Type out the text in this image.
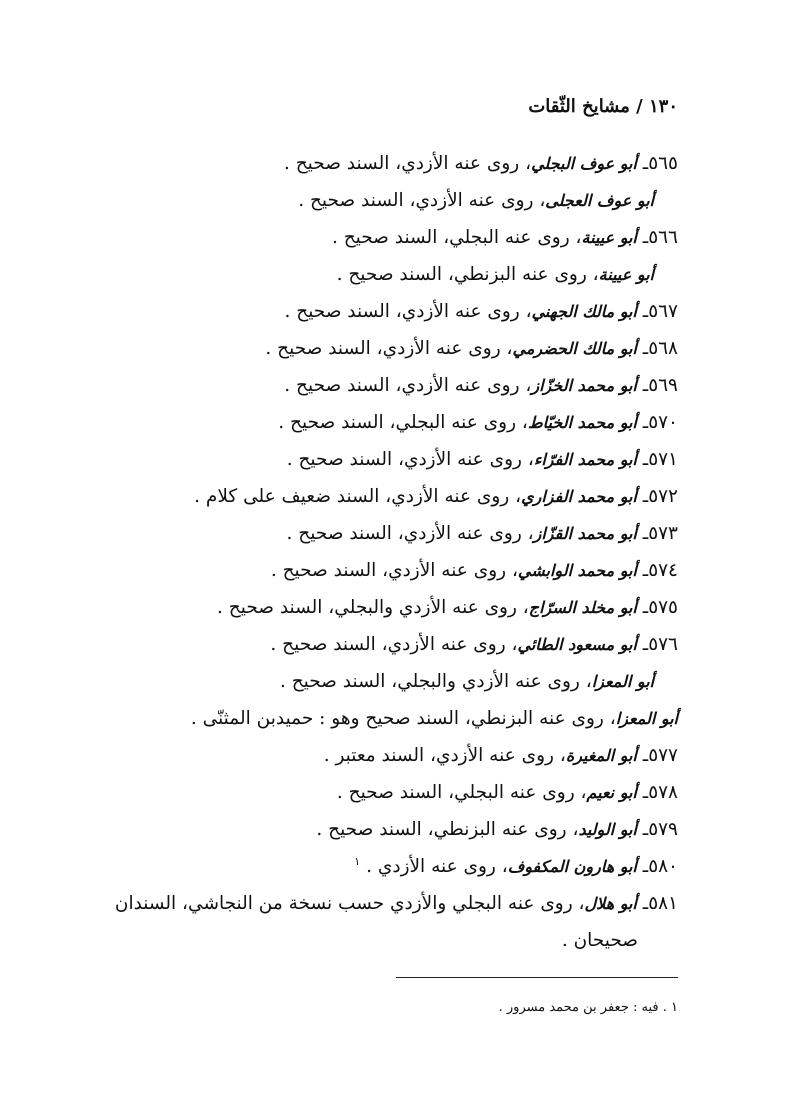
١٣٠ / مشايخ الثّقات
٥٦٥ـ أبو عوف البجلي، روى عنه الأزدي، السند صحيح .
أبو عوف العجلى، روى عنه الأزدي، السند صحيح .
٥٦٦ـ أبو عيينة، روى عنه البجلي، السند صحيح .
أبو عيينة، روى عنه البزنطي، السند صحيح .
٥٦٧ـ أبو مالك الجهني، روى عنه الأزدي، السند صحيح .
٥٦٨ـ أبو مالك الحضرمي، روى عنه الأزدي، السند صحيح .
٥٦٩ـ أبو محمد الخزّاز، روى عنه الأزدي، السند صحيح .
٥٧٠ـ أبو محمد الخيّاط، روى عنه البجلي، السند صحيح .
٥٧١ـ أبو محمد الفرّاء، روى عنه الأزدي، السند صحيح .
٥٧٢ـ أبو محمد الفزاري، روى عنه الأزدي، السند ضعيف على كلام .
٥٧٣ـ أبو محمد القزّاز، روى عنه الأزدي، السند صحيح .
٥٧٤ـ أبو محمد الوابشي، روى عنه الأزدي، السند صحيح .
٥٧٥ـ أبو مخلد السرّاج، روى عنه الأزدي والبجلي، السند صحيح .
٥٧٦ـ أبو مسعود الطائي، روى عنه الأزدي، السند صحيح .
أبو المعزا، روى عنه الأزدي والبجلي، السند صحيح .
أبو المعزا، روى عنه البزنطي، السند صحيح وهو : حميدبن المثنّى .
٥٧٧ـ أبو المغيرة، روى عنه الأزدي، السند معتبر .
٥٧٨ـ أبو نعيم، روى عنه البجلي، السند صحيح .
٥٧٩ـ أبو الوليد، روى عنه البزنطي، السند صحيح .
٥٨٠ـ أبو هارون المكفوف، روى عنه الأزدي . $^١$
٥٨١ـ أبو هلال، روى عنه البجلي والأزدي حسب نسخة من النجاشي، السندان
صحيحان .
١ . فيه : جعفر بن محمد مسرور .
